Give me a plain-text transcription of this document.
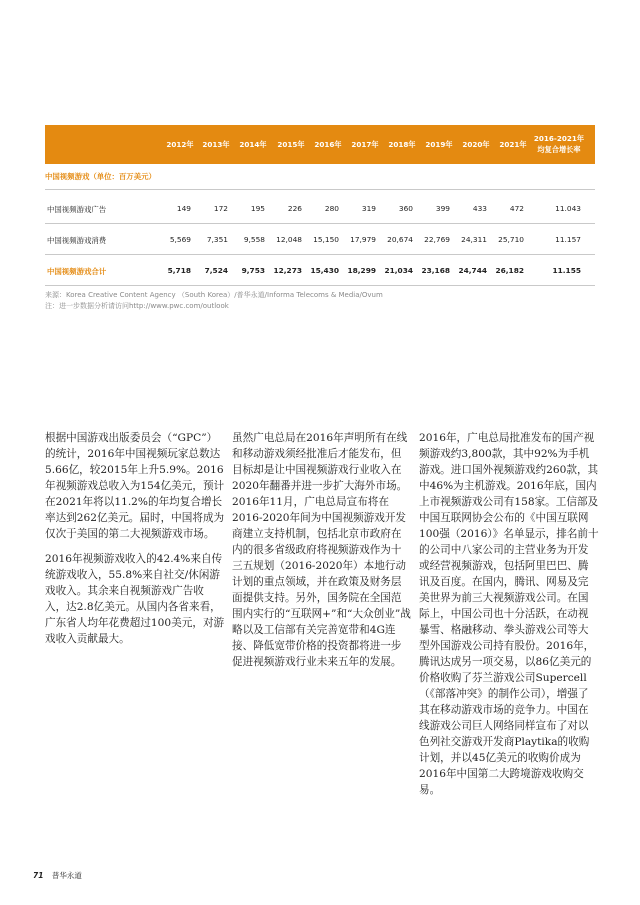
2012年	2013年	2014年	2015年	2016年	2017年	2018年	2019年	2020年	2021年
2016-2021年
均复合增长率
中国视频游戏（单位：百万美元）
中国视频游戏广告	149	172	195	226	280	319	360	399	433	472	11.043
中国视频游戏消费	5,569	7,351	9,558	12,048	15,150	17,979	20,674	22,769	24,311	25,710	11.157
中国视频游戏合计	5,718	7,524	9,753	12,273	15,430	18,299	21,034	23,168	24,744	26,182	11.155
来源：Korea Creative Content Agency （South Korea）/普华永道/Informa Telecoms & Media/Ovum
注：进一步数据分析请访问http://www.pwc.com/outlook

根据中国游戏出版委员会（“GPC”）的统计，2016年中国视频玩家总数达5.66亿，较2015年上升5.9%。2016年视频游戏总收入为154亿美元，预计在2021年将以11.2%的年均复合增长率达到262亿美元。届时，中国将成为仅次于美国的第二大视频游戏市场。

2016年视频游戏收入的42.4%来自传统游戏收入，55.8%来自社交/休闲游戏收入。其余来自视频游戏广告收入，达2.8亿美元。从国内各省来看，广东省人均年花费超过100美元，对游戏收入贡献最大。

虽然广电总局在2016年声明所有在线和移动游戏须经批准后才能发布，但目标却是让中国视频游戏行业收入在2020年翻番并进一步扩大海外市场。2016年11月，广电总局宣布将在2016-2020年间为中国视频游戏开发商建立支持机制，包括北京市政府在内的很多省级政府将视频游戏作为十三五规划（2016-2020年）本地行动计划的重点领域，并在政策及财务层面提供支持。另外，国务院在全国范围内实行的“互联网+”和“大众创业”战略以及工信部有关完善宽带和4G连接、降低宽带价格的投资都将进一步促进视频游戏行业未来五年的发展。

2016年，广电总局批准发布的国产视频游戏约3,800款，其中92%为手机游戏。进口国外视频游戏约260款，其中46%为主机游戏。2016年底，国内上市视频游戏公司有158家。工信部及中国互联网协会公布的《中国互联网100强（2016）》名单显示，排名前十的公司中八家公司的主营业务为开发或经营视频游戏，包括阿里巴巴、腾讯及百度。在国内，腾讯、网易及完美世界为前三大视频游戏公司。在国际上，中国公司也十分活跃，在动视暴雪、格融移动、拳头游戏公司等大型外国游戏公司持有股份。2016年，腾讯达成另一项交易，以86亿美元的价格收购了芬兰游戏公司Supercell（《部落冲突》的制作公司），增强了其在移动游戏市场的竞争力。中国在线游戏公司巨人网络同样宣布了对以色列社交游戏开发商Playtika的收购计划，并以45亿美元的收购价成为2016年中国第二大跨境游戏收购交易。

71 普华永道
